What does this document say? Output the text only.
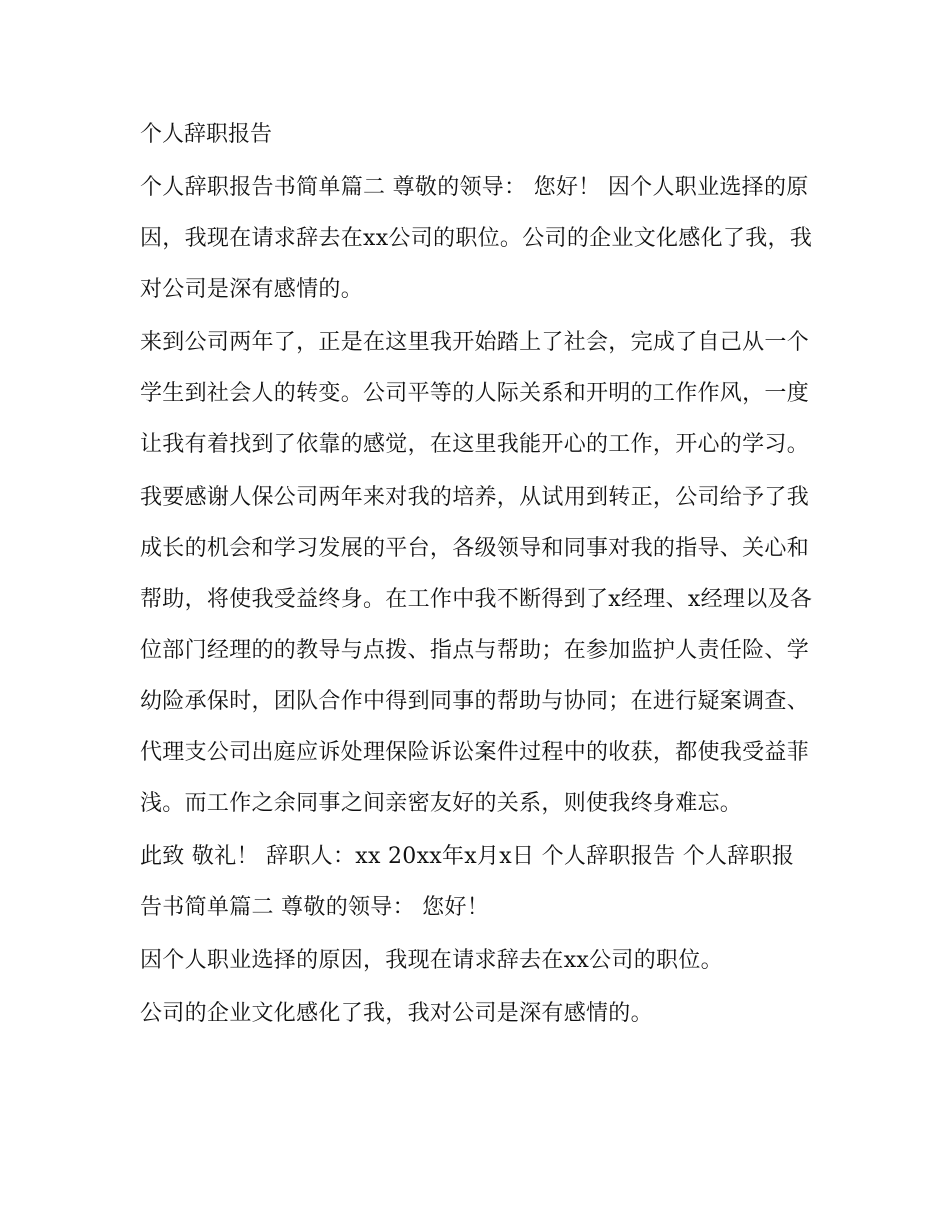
个人辞职报告
个人辞职报告书简单篇二 尊敬的领导： 您好！ 因个人职业选择的原因，我现在请求辞去在xx公司的职位。公司的企业文化感化了我，我对公司是深有感情的。
来到公司两年了，正是在这里我开始踏上了社会，完成了自己从一个学生到社会人的转变。公司平等的人际关系和开明的工作作风，一度让我有着找到了依靠的感觉，在这里我能开心的工作，开心的学习。
我要感谢人保公司两年来对我的培养，从试用到转正，公司给予了我成长的机会和学习发展的平台，各级领导和同事对我的指导、关心和帮助，将使我受益终身。在工作中我不断得到了x经理、x经理以及各位部门经理的的教导与点拨、指点与帮助；在参加监护人责任险、学幼险承保时，团队合作中得到同事的帮助与协同；在进行疑案调查、代理支公司出庭应诉处理保险诉讼案件过程中的收获，都使我受益菲浅。而工作之余同事之间亲密友好的关系，则使我终身难忘。
此致 敬礼！ 辞职人：xx 20xx年x月x日 个人辞职报告 个人辞职报告书简单篇二 尊敬的领导： 您好！
因个人职业选择的原因，我现在请求辞去在xx公司的职位。
公司的企业文化感化了我，我对公司是深有感情的。
